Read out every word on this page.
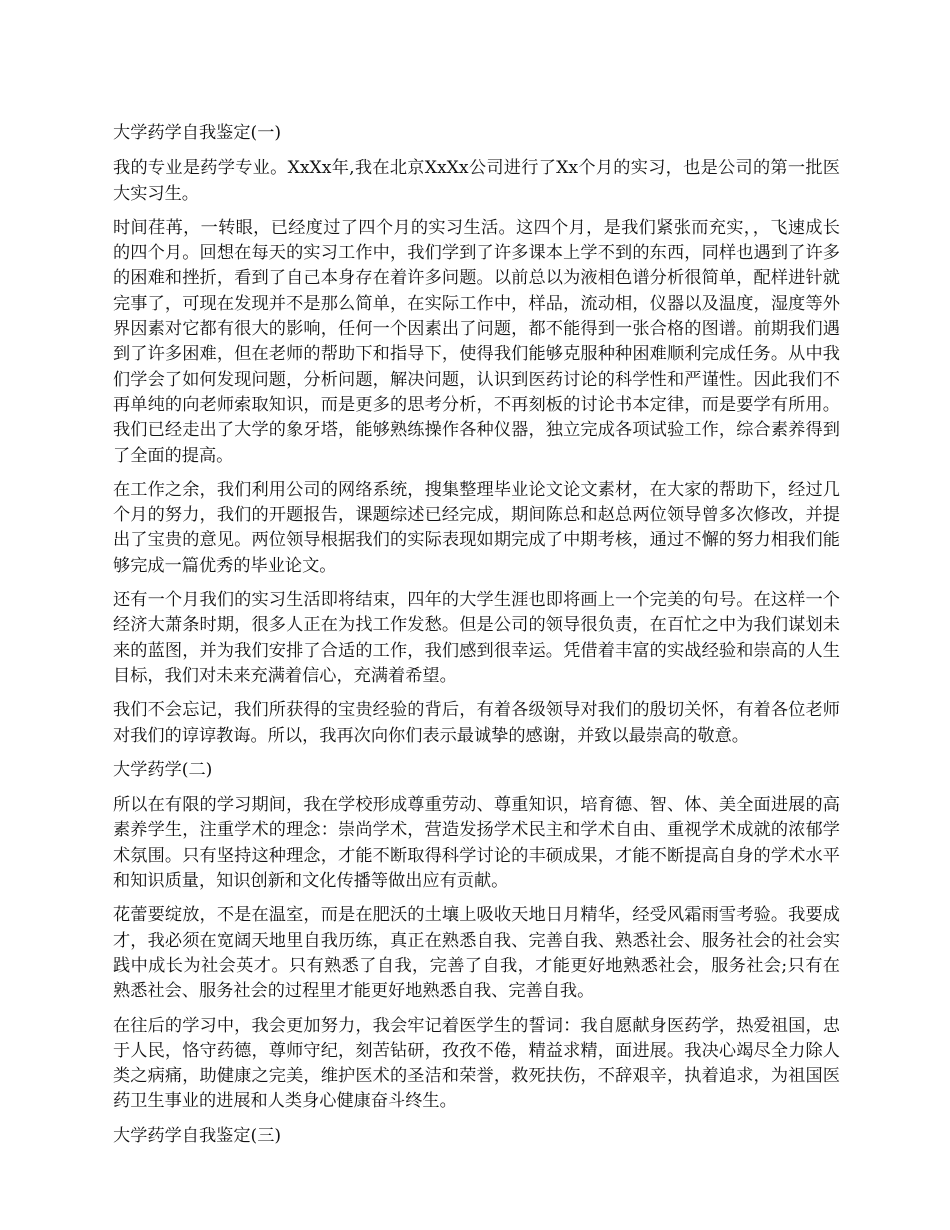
大学药学自我鉴定(一)
我的专业是药学专业。XxXx年,我在北京XxXx公司进行了Xx个月的实习，也是公司的第一批医大实习生。
时间荏苒，一转眼，已经度过了四个月的实习生活。这四个月，是我们紧张而充实，，飞速成长的四个月。回想在每天的实习工作中，我们学到了许多课本上学不到的东西，同样也遇到了许多的困难和挫折，看到了自己本身存在着许多问题。以前总以为液相色谱分析很简单，配样进针就完事了，可现在发现并不是那么简单，在实际工作中，样品，流动相，仪器以及温度，湿度等外界因素对它都有很大的影响，任何一个因素出了问题，都不能得到一张合格的图谱。前期我们遇到了许多困难，但在老师的帮助下和指导下，使得我们能够克服种种困难顺利完成任务。从中我们学会了如何发现问题，分析问题，解决问题，认识到医药讨论的科学性和严谨性。因此我们不再单纯的向老师索取知识，而是更多的思考分析，不再刻板的讨论书本定律，而是要学有所用。我们已经走出了大学的象牙塔，能够熟练操作各种仪器，独立完成各项试验工作，综合素养得到了全面的提高。
在工作之余，我们利用公司的网络系统，搜集整理毕业论文论文素材，在大家的帮助下，经过几个月的努力，我们的开题报告，课题综述已经完成，期间陈总和赵总两位领导曾多次修改，并提出了宝贵的意见。两位领导根据我们的实际表现如期完成了中期考核，通过不懈的努力相我们能够完成一篇优秀的毕业论文。
还有一个月我们的实习生活即将结束，四年的大学生涯也即将画上一个完美的句号。在这样一个经济大萧条时期，很多人正在为找工作发愁。但是公司的领导很负责，在百忙之中为我们谋划未来的蓝图，并为我们安排了合适的工作，我们感到很幸运。凭借着丰富的实战经验和崇高的人生目标，我们对未来充满着信心，充满着希望。
我们不会忘记，我们所获得的宝贵经验的背后，有着各级领导对我们的殷切关怀，有着各位老师对我们的谆谆教诲。所以，我再次向你们表示最诚挚的感谢，并致以最崇高的敬意。
大学药学(二)
所以在有限的学习期间，我在学校形成尊重劳动、尊重知识，培育德、智、体、美全面进展的高素养学生，注重学术的理念：崇尚学术，营造发扬学术民主和学术自由、重视学术成就的浓郁学术氛围。只有坚持这种理念，才能不断取得科学讨论的丰硕成果，才能不断提高自身的学术水平和知识质量，知识创新和文化传播等做出应有贡献。
花蕾要绽放，不是在温室，而是在肥沃的土壤上吸收天地日月精华，经受风霜雨雪考验。我要成才，我必须在宽阔天地里自我历练，真正在熟悉自我、完善自我、熟悉社会、服务社会的社会实践中成长为社会英才。只有熟悉了自我，完善了自我，才能更好地熟悉社会，服务社会;只有在熟悉社会、服务社会的过程里才能更好地熟悉自我、完善自我。
在往后的学习中，我会更加努力，我会牢记着医学生的誓词：我自愿献身医药学，热爱祖国，忠于人民，恪守药德，尊师守纪，刻苦钻研，孜孜不倦，精益求精，面进展。我决心竭尽全力除人类之病痛，助健康之完美，维护医术的圣洁和荣誉，救死扶伤，不辞艰辛，执着追求，为祖国医药卫生事业的进展和人类身心健康奋斗终生。
大学药学自我鉴定(三)
